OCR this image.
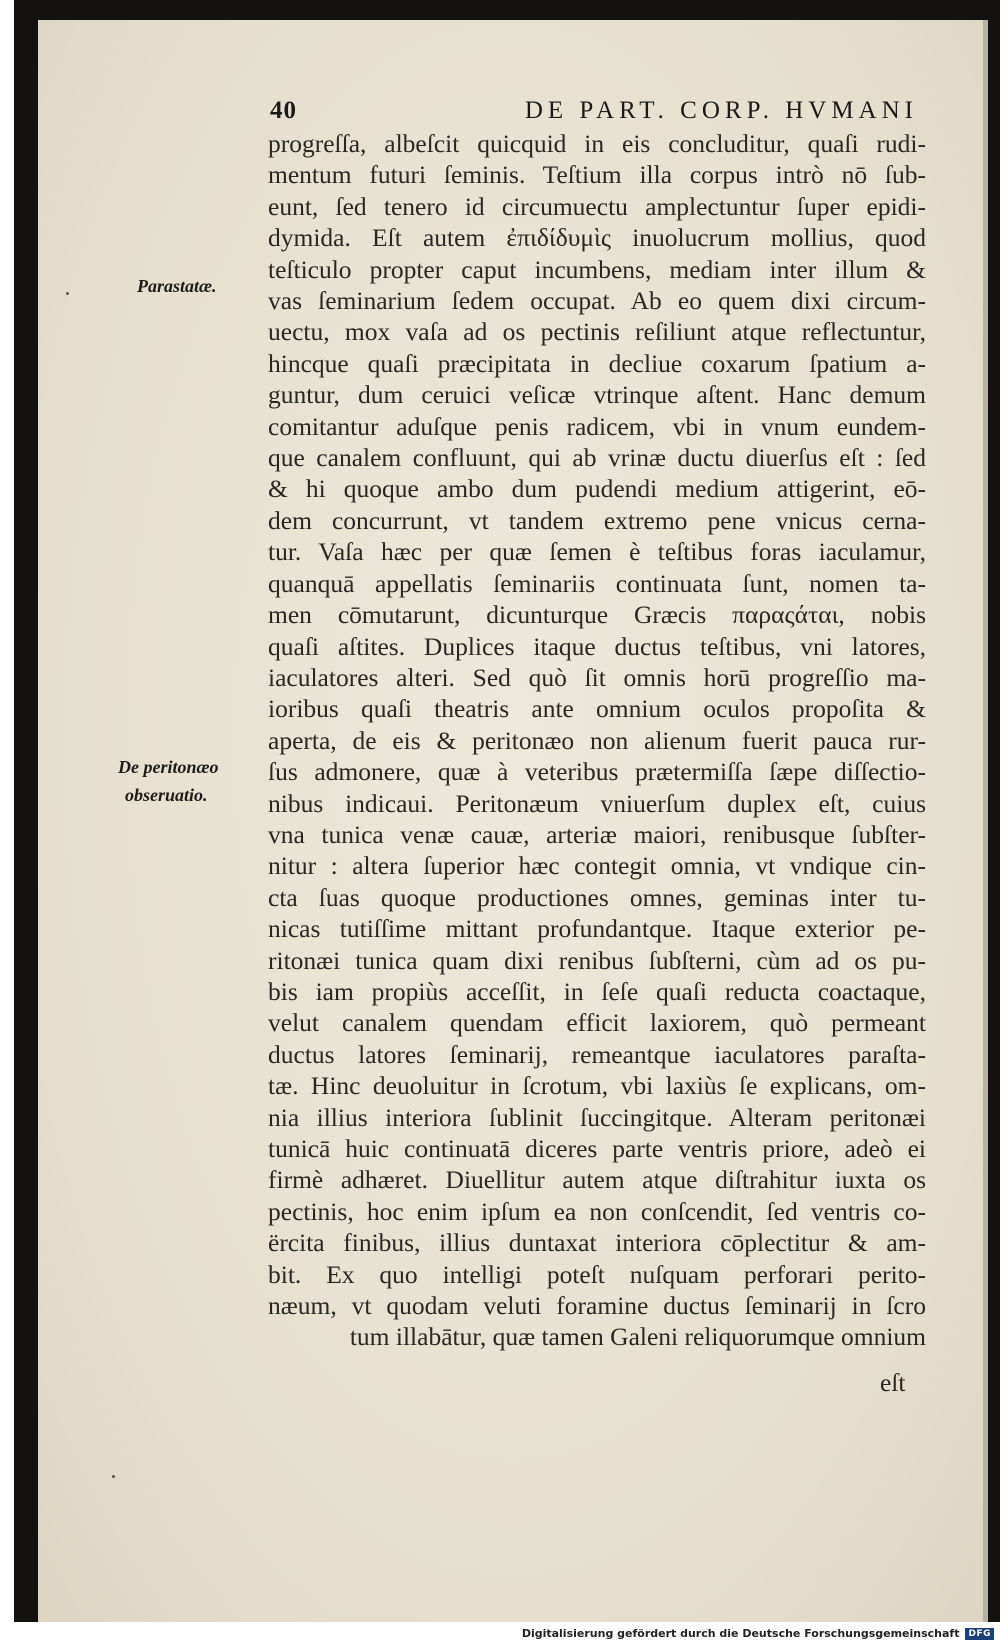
40	DE PART. CORP. HVMANI
Parastatæ.
De peritonæo
obseruatio.
progreſſa, albeſcit quicquid in eis concluditur, quaſi rudi-
mentum futuri ſeminis. Teſtium illa corpus intrò nō ſub-
eunt, ſed tenero id circumuectu amplectuntur ſuper epidi-
dymida. Eſt autem ἐπιδίδυμὶς inuolucrum mollius, quod
teſticulo propter caput incumbens, mediam inter illum &
vas ſeminarium ſedem occupat. Ab eo quem dixi circum-
uectu, mox vaſa ad os pectinis reſiliunt atque reflectuntur,
hincque quaſi præcipitata in decliue coxarum ſpatium a-
guntur, dum ceruici veſicæ vtrinque aſtent. Hanc demum
comitantur aduſque penis radicem, vbi in vnum eundem-
que canalem confluunt, qui ab vrinæ ductu diuerſus eſt : ſed
& hi quoque ambo dum pudendi medium attigerint, eō-
dem concurrunt, vt tandem extremo pene vnicus cerna-
tur. Vaſa hæc per quæ ſemen è teſtibus foras iaculamur,
quanquā appellatis ſeminariis continuata ſunt, nomen ta-
men cōmutarunt, dicunturque Græcis παραςάται, nobis
quaſi aſtites. Duplices itaque ductus teſtibus, vni latores,
iaculatores alteri. Sed quò ſit omnis horū progreſſio ma-
ioribus quaſi theatris ante omnium oculos propoſita &
aperta, de eis & peritonæo non alienum fuerit pauca rur-
ſus admonere, quæ à veteribus prætermiſſa ſæpe diſſectio-
nibus indicaui. Peritonæum vniuerſum duplex eſt, cuius
vna tunica venæ cauæ, arteriæ maiori, renibusque ſubſter-
nitur : altera ſuperior hæc contegit omnia, vt vndique cin-
cta ſuas quoque productiones omnes, geminas inter tu-
nicas tutiſſime mittant profundantque. Itaque exterior pe-
ritonæi tunica quam dixi renibus ſubſterni, cùm ad os pu-
bis iam propiùs acceſſit, in ſeſe quaſi reducta coactaque,
velut canalem quendam efficit laxiorem, quò permeant
ductus latores ſeminarij, remeantque iaculatores paraſta-
tæ. Hinc deuoluitur in ſcrotum, vbi laxiùs ſe explicans, om-
nia illius interiora ſublinit ſuccingitque. Alteram peritonæi
tunicā huic continuatā diceres parte ventris priore, adeò ei
firmè adhæret. Diuellitur autem atque diſtrahitur iuxta os
pectinis, hoc enim ipſum ea non conſcendit, ſed ventris co-
ërcita finibus, illius duntaxat interiora cōplectitur & am-
bit. Ex quo intelligi poteſt nuſquam perforari perito-
næum, vt quodam veluti foramine ductus ſeminarij in ſcro
tum illabātur, quæ tamen Galeni reliquorumque omnium
eſt
Digitalisierung gefördert durch die Deutsche Forschungsgemeinschaft	DFG
